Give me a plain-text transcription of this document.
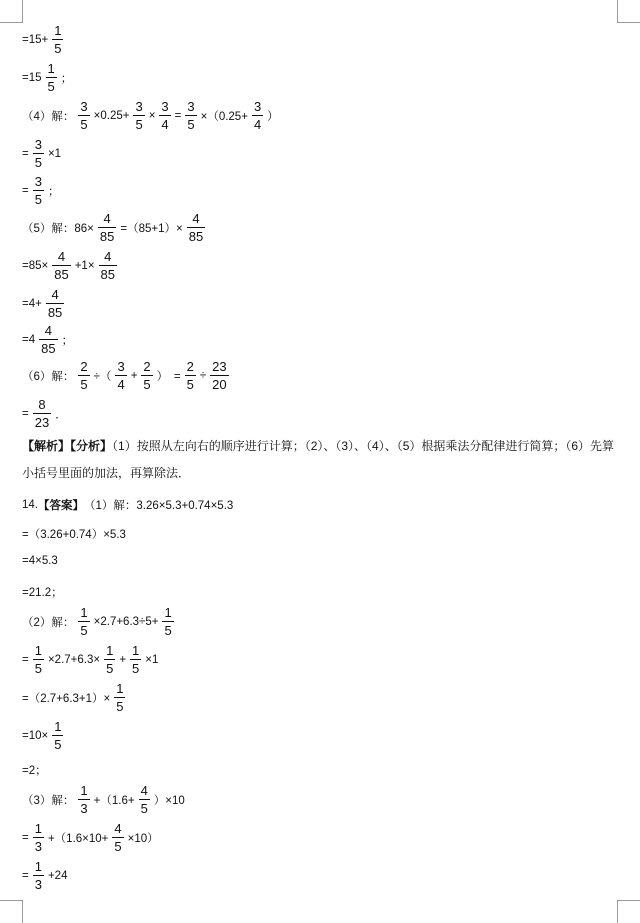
$=15+ \frac{1}{5}$
$=15 \frac{1}{5}$ ；
（4）解： $\frac{3}{5} \times 0.25+ \frac{3}{5} \times \frac{3}{4} = \frac{3}{5} \times(0.25+ \frac{3}{4}$ ）
= $\frac{3}{5} \times 1$
= $\frac{3}{5}$ ；
（5）解：$86\times \frac{4}{85} =(85+1)\times \frac{4}{85}$
$=85\times \frac{4}{85} +1\times \frac{4}{85}$
$=4+ \frac{4}{85}$
$=4 \frac{4}{85}$ ；
（6）解： $\frac{2}{5}$ ÷（ $\frac{3}{4} + \frac{2}{5}$ ）　= $\frac{2}{5} \div \frac{23}{20}$
= $\frac{8}{23}$ ．
【解析】【分析】（1）按照从左向右的顺序进行计算；（2）、（3）、（4）、（5）根据乘法分配律进行简算；（6）先算小括号里面的加法，再算除法．
14. 【答案】 （1）解：3.26×5.3+0.74×5.3
=（3.26+0.74）×5.3
=4×5.3
=21.2；
（2）解： $\frac{1}{5} \times 2.7+6.3\div 5+ \frac{1}{5}$
= $\frac{1}{5} \times 2.7+6.3\times \frac{1}{5} + \frac{1}{5} \times 1$
$=(2.7+6.3+1)\times \frac{1}{5}$
$=10\times \frac{1}{5}$
=2；
（3）解： $\frac{1}{3} +(1.6+ \frac{4}{5} )\times 10$
= $\frac{1}{3} +(1.6\times 10+ \frac{4}{5} \times 10)$
= $\frac{1}{3} +24$
